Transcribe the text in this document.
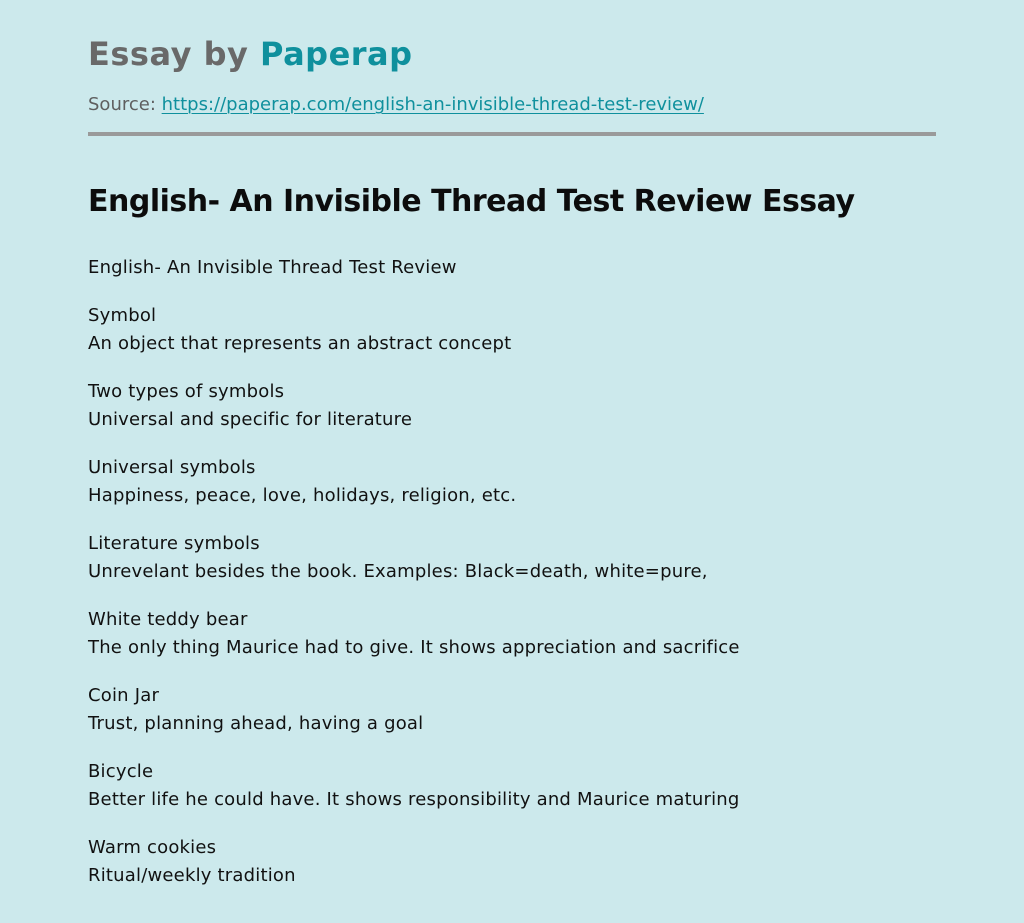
Essay by Paperap
Source: https://paperap.com/english-an-invisible-thread-test-review/
English- An Invisible Thread Test Review Essay

English- An Invisible Thread Test Review

Symbol
An object that represents an abstract concept

Two types of symbols
Universal and specific for literature

Universal symbols
Happiness, peace, love, holidays, religion, etc.

Literature symbols
Unrevelant besides the book. Examples: Black=death, white=pure,

White teddy bear
The only thing Maurice had to give. It shows appreciation and sacrifice

Coin Jar
Trust, planning ahead, having a goal

Bicycle
Better life he could have. It shows responsibility and Maurice maturing

Warm cookies
Ritual/weekly tradition
